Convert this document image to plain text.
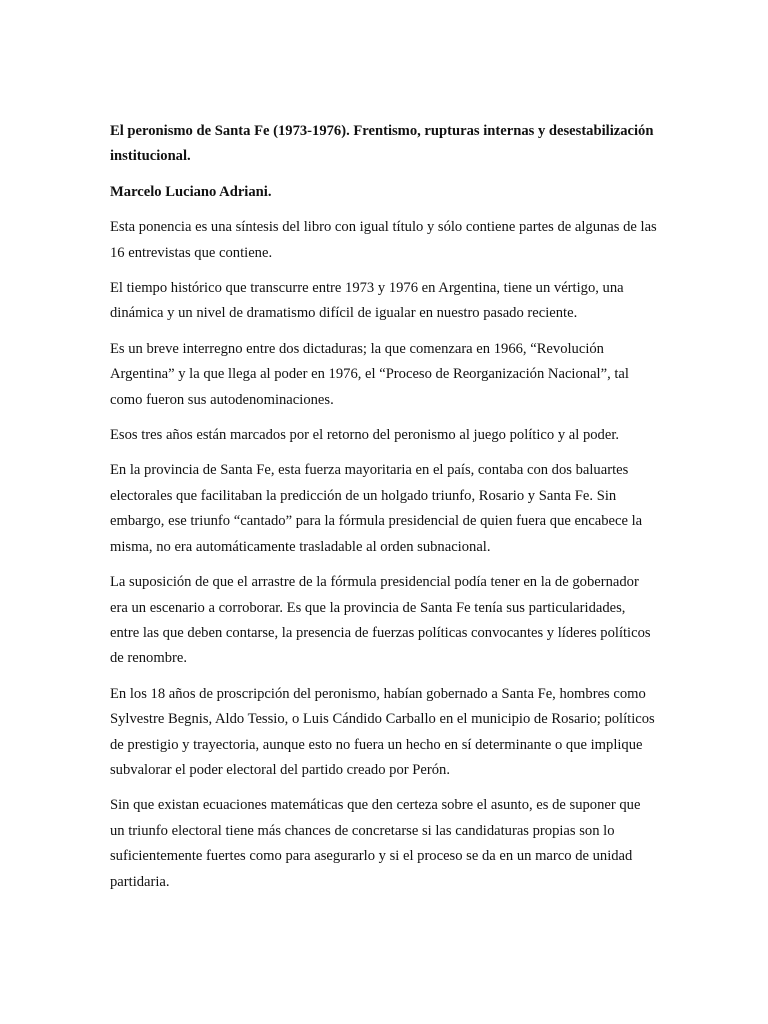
El peronismo de Santa Fe (1973-1976). Frentismo, rupturas internas y desestabilización institucional.

Marcelo Luciano Adriani.

Esta ponencia es una síntesis del libro con igual título y sólo contiene partes de algunas de las 16 entrevistas que contiene.

El tiempo histórico que transcurre entre 1973 y 1976 en Argentina, tiene un vértigo, una dinámica y un nivel de dramatismo difícil de igualar en nuestro pasado reciente.

Es un breve interregno entre dos dictaduras; la que comenzara en 1966, “Revolución Argentina” y la que llega al poder en 1976, el “Proceso de Reorganización Nacional”, tal como fueron sus autodenominaciones.

Esos tres años están marcados por el retorno del peronismo al juego político y al poder.

En la provincia de Santa Fe, esta fuerza mayoritaria en el país, contaba con dos baluartes electorales que facilitaban la predicción de un holgado triunfo, Rosario y Santa Fe. Sin embargo, ese triunfo “cantado” para la fórmula presidencial de quien fuera que encabece la misma, no era automáticamente trasladable al orden subnacional.

La suposición de que el arrastre de la fórmula presidencial podía tener en la de gobernador era un escenario a corroborar. Es que la provincia de Santa Fe tenía sus particularidades, entre las que deben contarse, la presencia de fuerzas políticas convocantes y líderes políticos de renombre.

En los 18 años de proscripción del peronismo, habían gobernado a Santa Fe, hombres como Sylvestre Begnis, Aldo Tessio, o Luis Cándido Carballo en el municipio de Rosario; políticos de prestigio y trayectoria, aunque esto no fuera un hecho en sí determinante o que implique subvalorar el poder electoral del partido creado por Perón.

Sin que existan ecuaciones matemáticas que den certeza sobre el asunto, es de suponer que un triunfo electoral tiene más chances de concretarse si las candidaturas propias son lo suficientemente fuertes como para asegurarlo y si el proceso se da en un marco de unidad partidaria.
